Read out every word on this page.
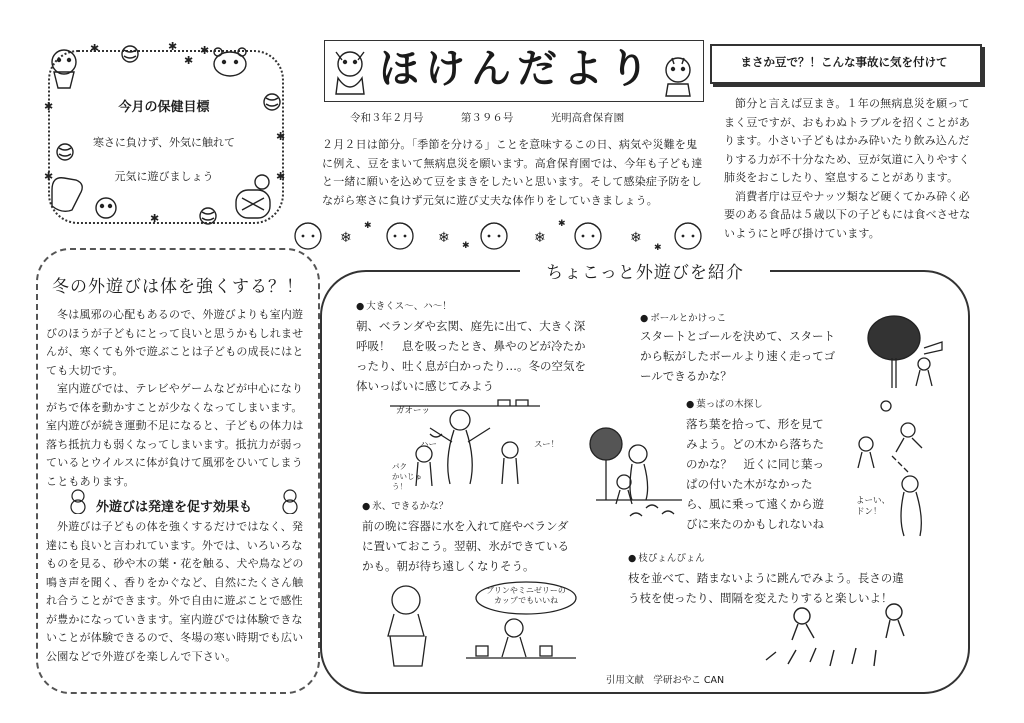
✱	✱ ✱
✱
✱
✱
✱
✱
✱
今月の保健目標
寒さに負けず、外気に触れて
元気に遊びましょう
ほけんだより
令和３年２月号	第３９６号	光明高倉保育園
２月２日は節分。「季節を分ける」ことを意味するこの日、病気や災難を鬼に例え、豆をまいて無病息災を願います。高倉保育園では、今年も子ども達と一緒に願いを込めて豆をまきをしたいと思います。そして感染症予防をしながら寒さに負けず元気に遊び丈夫な体作りをしていきましょう。
まさか豆で？！こんな事故に気を付けて
節分と言えば豆まき。１年の無病息災を願ってまく豆ですが、おもわぬトラブルを招くことがあります。小さい子どもはかみ砕いたり飲み込んだりする力が不十分なため、豆が気道に入りやすく肺炎をおこしたり、窒息することがあります。
消費者庁は豆やナッツ類など硬くてかみ砕く必要のある食品は５歳以下の子どもには食べさせないようにと呼び掛けています。
❄	❄	❄	❄
✱
✱
✱
✱
冬の外遊びは体を強くする？！
冬は風邪の心配もあるので、外遊びよりも室内遊びのほうが子どもにとって良いと思うかもしれませんが、寒くても外で遊ぶことは子どもの成長にはとても大切です。
室内遊びでは、テレビやゲームなどが中心になりがちで体を動かすことが少なくなってしまいます。室内遊びが続き運動不足になると、子どもの体力は落ち抵抗力も弱くなってしまいます。抵抗力が弱っているとウイルスに体が負けて風邪をひいてしまうこともあります。
外遊びは発達を促す効果も
外遊びは子どもの体を強くするだけではなく、発達にも良いと言われています。外では、いろいろなものを見る、砂や木の葉・花を触る、犬や鳥などの鳴き声を聞く、香りをかぐなど、自然にたくさん触れ合うことができます。外で自由に遊ぶことで感性が豊かになっていきます。室内遊びでは体験できないことが体験できるので、冬場の寒い時期でも広い公園などで外遊びを楽しんで下さい。
ちょこっと外遊びを紹介
● 大きくス～、ハ～！
朝、ベランダや玄関、庭先に出て、大きく深呼吸！　息を吸ったとき、鼻やのどが冷たかったり、吐く息が白かったり…。冬の空気を体いっぱいに感じてみよう
● ボールとかけっこ
スタートとゴールを決めて、スタートから転がしたボールより速く走ってゴールできるかな？
● 葉っぱの木探し
落ち葉を拾って、形を見てみよう。どの木から落ちたのかな？　近くに同じ葉っぱの付いた木がなかったら、風に乗って遠くから遊びに来たのかもしれないね
● 氷、できるかな？
前の晩に容器に水を入れて庭やベランダに置いておこう。翌朝、氷ができているかも。朝が待ち遠しくなりそう。
● 枝ぴょんぴょん
枝を並べて、踏まないように跳んでみよう。長さの違う枝を使ったり、間隔を変えたりすると楽しいよ！
ガオーッ
ハー	スー！
パク
かいじゅう！
よーい、ドン！
プリンやミニゼリーのカップでもいいね
引用文献　学研おやこ CAN
